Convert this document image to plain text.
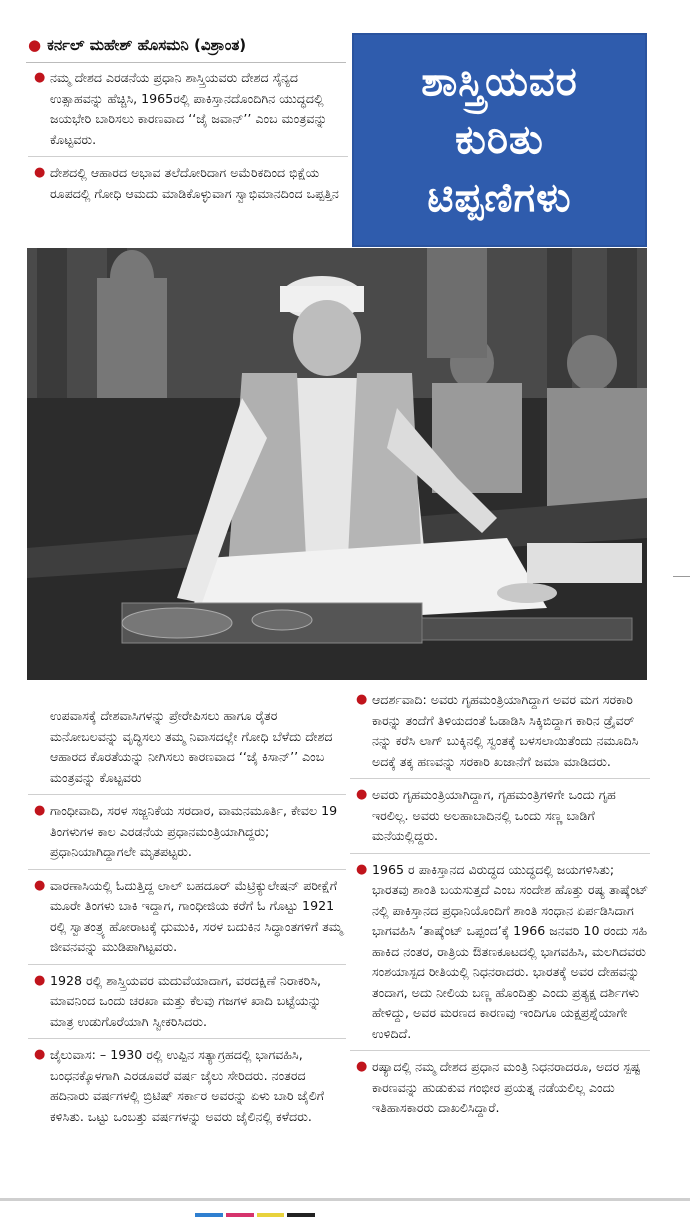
● ಕರ್ನಲ್ ಮಹೇಶ್ ಹೊಸಮನಿ (ವಿಶ್ರಾಂತ)
● ನಮ್ಮ ದೇಶದ ಎರಡನೆಯ ಪ್ರಧಾನಿ ಶಾಸ್ತ್ರಿಯವರು ದೇಶದ ಸೈನ್ಯದ ಉತ್ಸಾಹವನ್ನು ಹೆಚ್ಚಿಸಿ, 1965ರಲ್ಲಿ ಪಾಕಿಸ್ತಾನದೊಂದಿಗಿನ ಯುದ್ಧದಲ್ಲಿ ಜಯಭೇರಿ ಬಾರಿಸಲು ಕಾರಣವಾದ ‘‘ಜೈ ಜವಾನ್’’ ಎಂಬ ಮಂತ್ರವನ್ನು ಕೊಟ್ಟವರು.
● ದೇಶದಲ್ಲಿ ಆಹಾರದ ಅಭಾವ ತಲೆದೋರಿದಾಗ ಅಮೆರಿಕದಿಂದ ಭಿಕ್ಷೆಯ ರೂಪದಲ್ಲಿ ಗೋಧಿ ಆಮದು ಮಾಡಿಕೊಳ್ಳುವಾಗ ಸ್ವಾಭಿಮಾನದಿಂದ ಒಪ್ಪತ್ತಿನ
ಶಾಸ್ತ್ರಿಯವರ
ಕುರಿತು
ಟಿಪ್ಪಣಿಗಳು
ಉಪವಾಸಕ್ಕೆ ದೇಶವಾಸಿಗಳನ್ನು ಪ್ರೇರೇಪಿಸಲು ಹಾಗೂ ರೈತರ ಮನೋಬಲವನ್ನು ವೃದ್ಧಿಸಲು ತಮ್ಮ ನಿವಾಸದಲ್ಲೇ ಗೋಧಿ ಬೆಳೆದು ದೇಶದ ಆಹಾರದ ಕೊರತೆಯನ್ನು ನೀಗಿಸಲು ಕಾರಣವಾದ ‘‘ಜೈ ಕಿಸಾನ್’’ ಎಂಬ ಮಂತ್ರವನ್ನು ಕೊಟ್ಟವರು
● ಗಾಂಧೀವಾದಿ, ಸರಳ ಸಜ್ಜನಿಕೆಯ ಸರದಾರ, ವಾಮನಮೂರ್ತಿ, ಕೇವಲ 19 ತಿಂಗಳುಗಳ ಕಾಲ ಎರಡನೆಯ ಪ್ರಧಾನಮಂತ್ರಿಯಾಗಿದ್ದರು; ಪ್ರಧಾನಿಯಾಗಿದ್ದಾಗಲೇ ಮೃತಪಟ್ಟರು.
● ವಾರಣಾಸಿಯಲ್ಲಿ ಓದುತ್ತಿದ್ದ ಲಾಲ್ ಬಹದೂರ್ ಮೆಟ್ರಿಕ್ಯುಲೇಷನ್ ಪರೀಕ್ಷೆಗೆ ಮೂರೇ ತಿಂಗಳು ಬಾಕಿ ಇದ್ದಾಗ, ಗಾಂಧೀಜಿಯ ಕರೆಗೆ ಓ ಗೊಟ್ಟು 1921 ರಲ್ಲಿ ಸ್ವಾತಂತ್ರ್ಯ ಹೋರಾಟಕ್ಕೆ ಧುಮುಕಿ, ಸರಳ ಬದುಕಿನ ಸಿದ್ಧಾಂತಗಳಿಗೆ ತಮ್ಮ ಜೀವನವನ್ನು ಮುಡಿಪಾಗಿಟ್ಟವರು.
● 1928 ರಲ್ಲಿ ಶಾಸ್ತ್ರಿಯವರ ಮದುವೆಯಾದಾಗ, ವರದಕ್ಷಿಣೆ ನಿರಾಕರಿಸಿ, ಮಾವನಿಂದ ಒಂದು ಚರಖಾ ಮತ್ತು ಕೆಲವು ಗಜಗಳ ಖಾದಿ ಬಟ್ಟೆಯನ್ನು ಮಾತ್ರ ಉಡುಗೊರೆಯಾಗಿ ಸ್ವೀಕರಿಸಿದರು.
● ಜೈಲುವಾಸ: – 1930 ರಲ್ಲಿ ಉಪ್ಪಿನ ಸತ್ಯಾಗ್ರಹದಲ್ಲಿ ಭಾಗವಹಿಸಿ, ಬಂಧನಕ್ಕೊಳಗಾಗಿ ಎರಡೂವರೆ ವರ್ಷ ಜೈಲು ಸೇರಿದರು. ನಂತರದ ಹದಿನಾರು ವರ್ಷಗಳಲ್ಲಿ ಬ್ರಿಟಿಷ್ ಸರ್ಕಾರ ಅವರನ್ನು ಏಳು ಬಾರಿ ಜೈಲಿಗೆ ಕಳಿಸಿತು. ಒಟ್ಟು ಒಂಬತ್ತು ವರ್ಷಗಳನ್ನು ಅವರು ಜೈಲಿನಲ್ಲಿ ಕಳೆದರು.
● ಆದರ್ಶವಾದಿ: ಅವರು ಗೃಹಮಂತ್ರಿಯಾಗಿದ್ದಾಗ ಅವರ ಮಗ ಸರಕಾರಿ ಕಾರನ್ನು ತಂದೆಗೆ ತಿಳಿಯದಂತೆ ಓಡಾಡಿಸಿ ಸಿಕ್ಕಿಬಿದ್ದಾಗ ಕಾರಿನ ಡ್ರೈವರ್ ನನ್ನು ಕರೆಸಿ ಲಾಗ್ ಬುಕ್ಕಿನಲ್ಲಿ ಸ್ವಂತಕ್ಕೆ ಬಳಸಲಾಯಿತೆಂದು ನಮೂದಿಸಿ ಅದಕ್ಕೆ ತಕ್ಕ ಹಣವನ್ನು ಸರಕಾರಿ ಖಜಾನೆಗೆ ಜಮಾ ಮಾಡಿದರು.
● ಅವರು ಗೃಹಮಂತ್ರಿಯಾಗಿದ್ದಾಗ, ಗೃಹಮಂತ್ರಿಗಳಿಗೇ ಒಂದು ಗೃಹ ಇರಲಿಲ್ಲ. ಅವರು ಅಲಹಾಬಾದಿನಲ್ಲಿ ಒಂದು ಸಣ್ಣ ಬಾಡಿಗೆ ಮನೆಯಲ್ಲಿದ್ದರು.
● 1965 ರ ಪಾಕಿಸ್ತಾನದ ವಿರುದ್ಧದ ಯುದ್ಧದಲ್ಲಿ ಜಯಗಳಿಸಿತು; ಭಾರತವು ಶಾಂತಿ ಬಯಸುತ್ತದೆ ಎಂಬ ಸಂದೇಶ ಹೊತ್ತು ರಷ್ಯ ತಾಷ್ಕೆಂಟ್ ನಲ್ಲಿ ಪಾಕಿಸ್ತಾನದ ಪ್ರಧಾನಿಯೊಂದಿಗೆ ಶಾಂತಿ ಸಂಧಾನ ಏರ್ಪಡಿಸಿದಾಗ ಭಾಗವಹಿಸಿ ‘ತಾಷ್ಕೆಂಟ್ ಒಪ್ಪಂದ’ಕ್ಕೆ 1966 ಜನವರಿ 10 ರಂದು ಸಹಿ ಹಾಕಿದ ನಂತರ, ರಾತ್ರಿಯ ಔತಣಕೂಟದಲ್ಲಿ ಭಾಗವಹಿಸಿ, ಮಲಗಿದವರು ಸಂಶಯಾಸ್ಪದ ರೀತಿಯಲ್ಲಿ ನಿಧನರಾದರು. ಭಾರತಕ್ಕೆ ಅವರ ದೇಹವನ್ನು ತಂದಾಗ, ಅದು ನೀಲಿಯ ಬಣ್ಣ ಹೊಂದಿತ್ತು ಎಂದು ಪ್ರತ್ಯಕ್ಷ ದರ್ಶಿಗಳು ಹೇಳಿದ್ದು, ಅವರ ಮರಣದ ಕಾರಣವು ಇಂದಿಗೂ ಯಕ್ಷಪ್ರಶ್ನೆಯಾಗೇ ಉಳಿದಿದೆ.
● ರಷ್ಯಾದಲ್ಲಿ ನಮ್ಮ ದೇಶದ ಪ್ರಧಾನ ಮಂತ್ರಿ ನಿಧನರಾದರೂ, ಅದರ ಸ್ಪಷ್ಟ ಕಾರಣವನ್ನು ಹುಡುಕುವ ಗಂಭೀರ ಪ್ರಯತ್ನ ನಡೆಯಲಿಲ್ಲ ಎಂದು ಇತಿಹಾಸಕಾರರು ದಾಖಲಿಸಿದ್ದಾರೆ.
